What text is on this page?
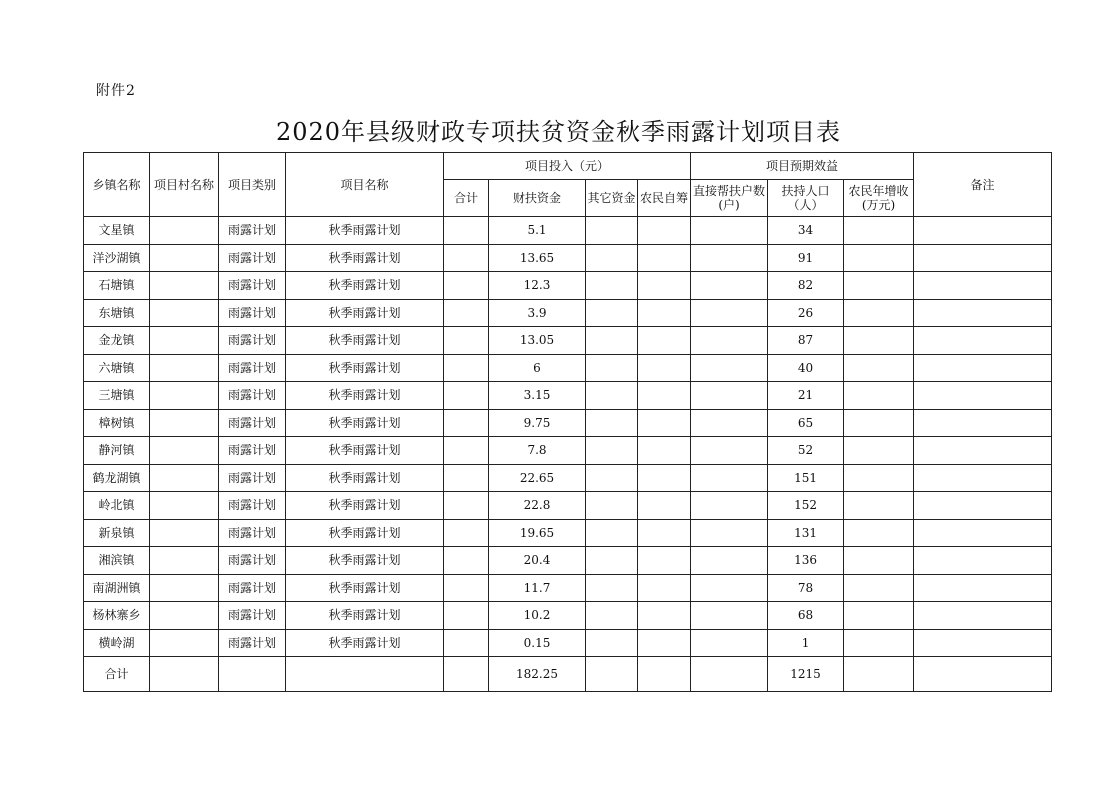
附件2
2020年县级财政专项扶贫资金秋季雨露计划项目表
乡镇名称	项目村名称	项目类别	项目名称	项目投入（元）				项目预期效益			备注
				合计	财扶资金	其它资金	农民自筹	直接帮扶户数(户)	扶持人口（人）	农民年增收(万元)	
文星镇		雨露计划	秋季雨露计划		5.1				34		
洋沙湖镇		雨露计划	秋季雨露计划		13.65				91		
石塘镇		雨露计划	秋季雨露计划		12.3				82		
东塘镇		雨露计划	秋季雨露计划		3.9				26		
金龙镇		雨露计划	秋季雨露计划		13.05				87		
六塘镇		雨露计划	秋季雨露计划		6				40		
三塘镇		雨露计划	秋季雨露计划		3.15				21		
樟树镇		雨露计划	秋季雨露计划		9.75				65		
静河镇		雨露计划	秋季雨露计划		7.8				52		
鹤龙湖镇		雨露计划	秋季雨露计划		22.65				151		
岭北镇		雨露计划	秋季雨露计划		22.8				152		
新泉镇		雨露计划	秋季雨露计划		19.65				131		
湘滨镇		雨露计划	秋季雨露计划		20.4				136		
南湖洲镇		雨露计划	秋季雨露计划		11.7				78		
杨林寨乡		雨露计划	秋季雨露计划		10.2				68		
横岭湖		雨露计划	秋季雨露计划		0.15				1		
合计					182.25				1215		
